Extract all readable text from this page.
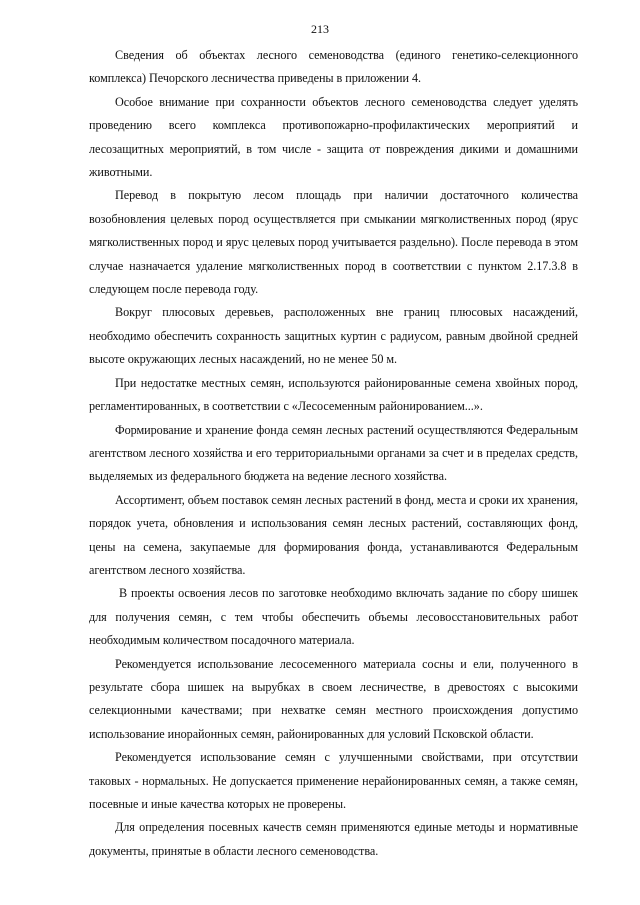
213

Сведения об объектах лесного семеноводства (единого генетико-селекционного комплекса) Печорского лесничества приведены в приложении 4.

Особое внимание при сохранности объектов лесного семеноводства следует уделять проведению всего комплекса противопожарно-профилактических мероприятий и лесозащитных мероприятий, в том числе - защита от повреждения дикими и домашними животными.

Перевод в покрытую лесом площадь при наличии достаточного количества возобновления целевых пород осуществляется при смыкании мягколиственных пород (ярус мягколиственных пород и ярус целевых пород учитывается раздельно). После перевода в этом случае назначается удаление мягколиственных пород в соответствии с пунктом 2.17.3.8 в следующем после перевода году.

Вокруг плюсовых деревьев, расположенных вне границ плюсовых насаждений, необходимо обеспечить сохранность защитных куртин с радиусом, равным двойной средней высоте окружающих лесных насаждений, но не менее 50 м.

При недостатке местных семян, используются районированные семена хвойных пород, регламентированных, в соответствии с «Лесосеменным районированием...».

Формирование и хранение фонда семян лесных растений осуществляются Федеральным агентством лесного хозяйства и его территориальными органами за счет и в пределах средств, выделяемых из федерального бюджета на ведение лесного хозяйства.

Ассортимент, объем поставок семян лесных растений в фонд, места и сроки их хранения, порядок учета, обновления и использования семян лесных растений, составляющих фонд, цены на семена, закупаемые для формирования фонда, устанавливаются Федеральным агентством лесного хозяйства.

В проекты освоения лесов по заготовке необходимо включать задание по сбору шишек для получения семян, с тем чтобы обеспечить объемы лесовосстановительных работ необходимым количеством посадочного материала.

Рекомендуется использование лесосеменного материала сосны и ели, полученного в результате сбора шишек на вырубках в своем лесничестве, в древостоях с высокими селекционными качествами; при нехватке семян местного происхождения допустимо использование инорайонных семян, районированных для условий Псковской области.

Рекомендуется использование семян с улучшенными свойствами, при отсутствии таковых - нормальных. Не допускается применение нерайонированных семян, а также семян, посевные и иные качества которых не проверены.

Для определения посевных качеств семян применяются единые методы и нормативные документы, принятые в области лесного семеноводства.
